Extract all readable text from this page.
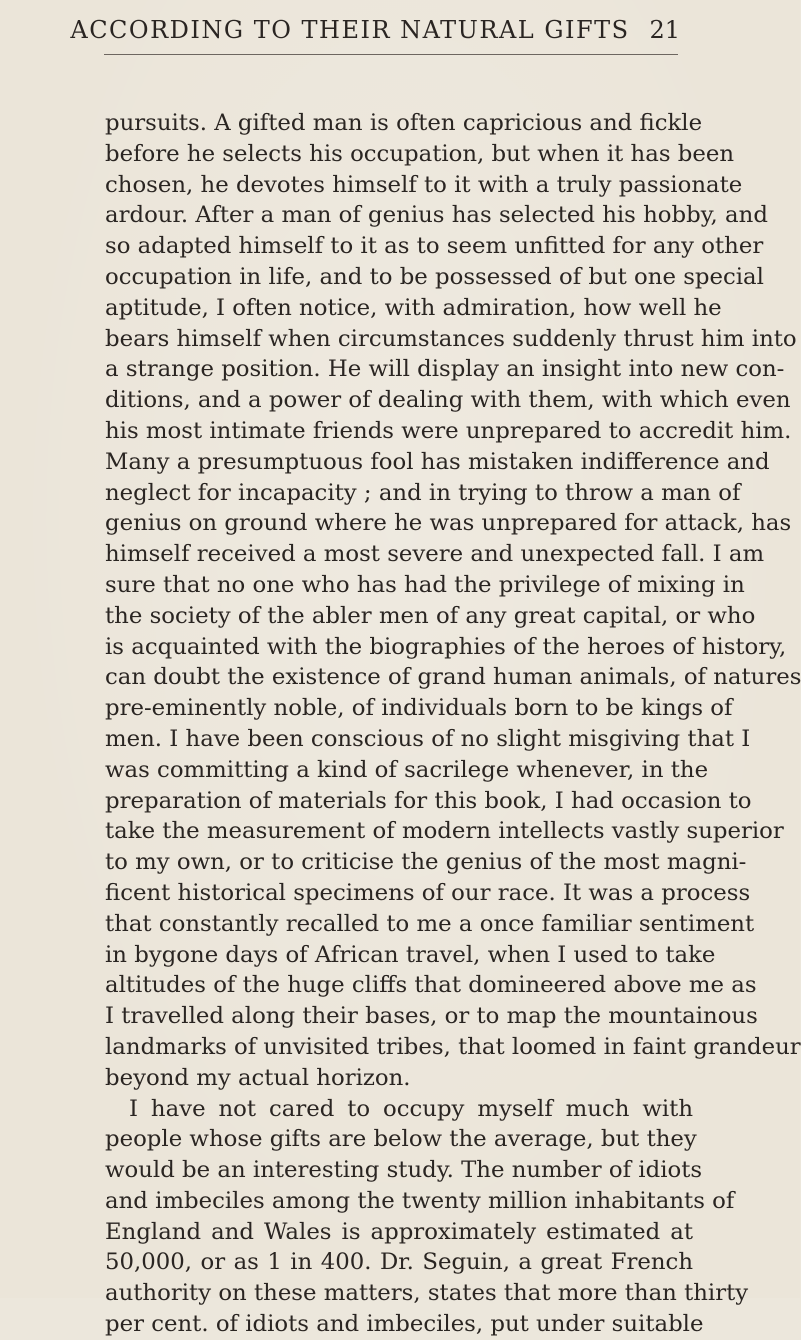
ACCORDING TO THEIR NATURAL GIFTS 21
pursuits. A gifted man is often capricious and fickle
before he selects his occupation, but when it has been
chosen, he devotes himself to it with a truly passionate
ardour. After a man of genius has selected his hobby, and
so adapted himself to it as to seem unfitted for any other
occupation in life, and to be possessed of but one special
aptitude, I often notice, with admiration, how well he
bears himself when circumstances suddenly thrust him into
a strange position. He will display an insight into new con-
ditions, and a power of dealing with them, with which even
his most intimate friends were unprepared to accredit him.
Many a presumptuous fool has mistaken indifference and
neglect for incapacity ; and in trying to throw a man of
genius on ground where he was unprepared for attack, has
himself received a most severe and unexpected fall. I am
sure that no one who has had the privilege of mixing in
the society of the abler men of any great capital, or who
is acquainted with the biographies of the heroes of history,
can doubt the existence of grand human animals, of natures
pre-eminently noble, of individuals born to be kings of
men. I have been conscious of no slight misgiving that I
was committing a kind of sacrilege whenever, in the
preparation of materials for this book, I had occasion to
take the measurement of modern intellects vastly superior
to my own, or to criticise the genius of the most magni-
ficent historical specimens of our race. It was a process
that constantly recalled to me a once familiar sentiment
in bygone days of African travel, when I used to take
altitudes of the huge cliffs that domineered above me as
I travelled along their bases, or to map the mountainous
landmarks of unvisited tribes, that loomed in faint grandeur
beyond my actual horizon.
I have not cared to occupy myself much with
people whose gifts are below the average, but they
would be an interesting study. The number of idiots
and imbeciles among the twenty million inhabitants of
England and Wales is approximately estimated at
50,000, or as 1 in 400. Dr. Seguin, a great French
authority on these matters, states that more than thirty
per cent. of idiots and imbeciles, put under suitable
